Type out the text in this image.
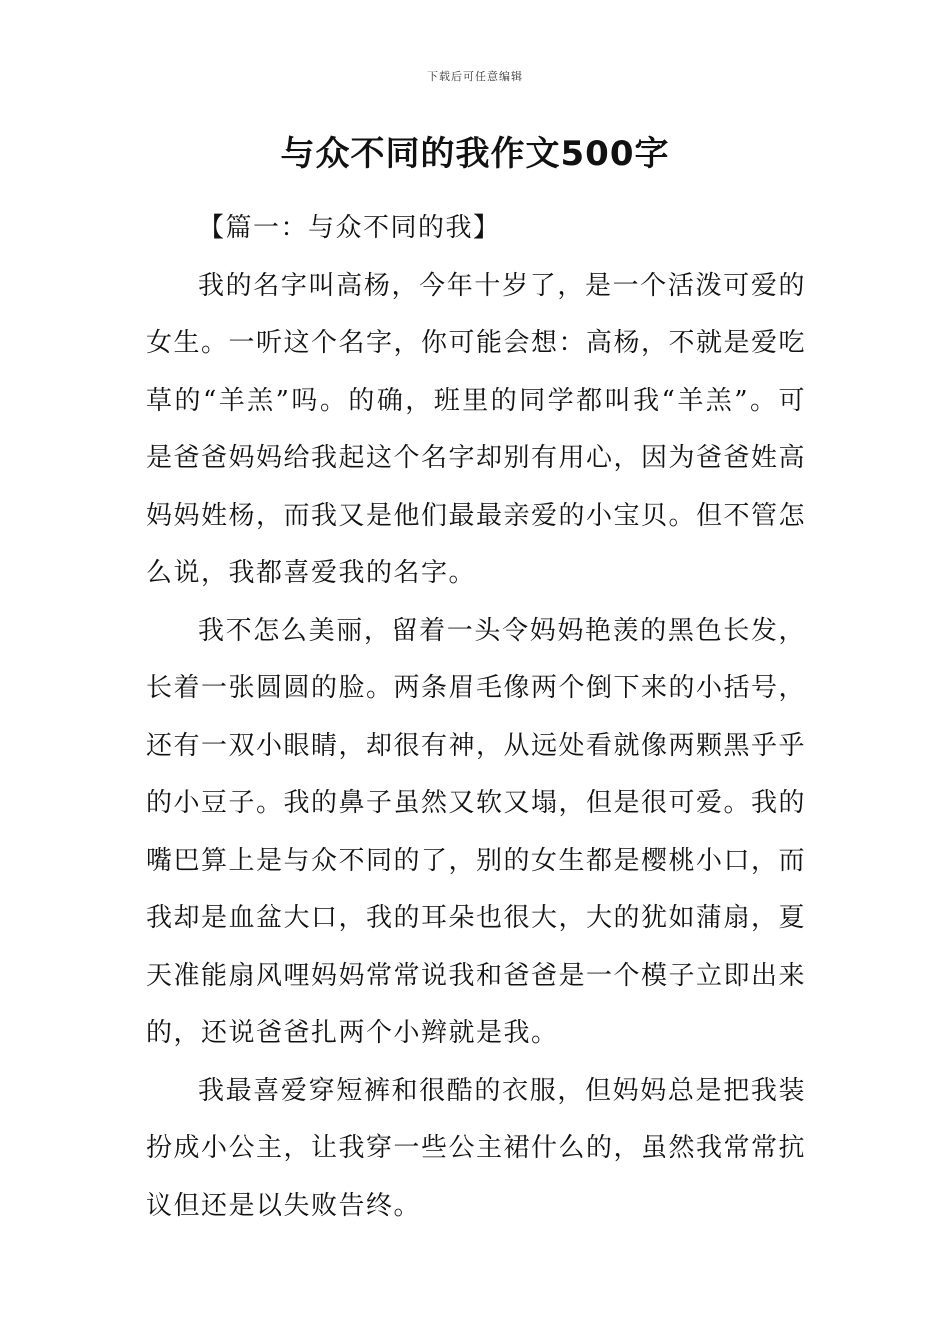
下载后可任意编辑
与众不同的我作文500字

【篇一：与众不同的我】

我的名字叫高杨，今年十岁了，是一个活泼可爱的女生。一听这个名字，你可能会想：高杨，不就是爱吃草的“羊羔”吗。的确，班里的同学都叫我“羊羔”。可是爸爸妈妈给我起这个名字却别有用心，因为爸爸姓高妈妈姓杨，而我又是他们最最亲爱的小宝贝。但不管怎么说，我都喜爱我的名字。

我不怎么美丽，留着一头令妈妈艳羡的黑色长发，长着一张圆圆的脸。两条眉毛像两个倒下来的小括号，还有一双小眼睛，却很有神，从远处看就像两颗黑乎乎的小豆子。我的鼻子虽然又软又塌，但是很可爱。我的嘴巴算上是与众不同的了，别的女生都是樱桃小口，而我却是血盆大口，我的耳朵也很大，大的犹如蒲扇，夏天准能扇风哩妈妈常常说我和爸爸是一个模子立即出来的，还说爸爸扎两个小辫就是我。

我最喜爱穿短裤和很酷的衣服，但妈妈总是把我装扮成小公主，让我穿一些公主裙什么的，虽然我常常抗议但还是以失败告终。
